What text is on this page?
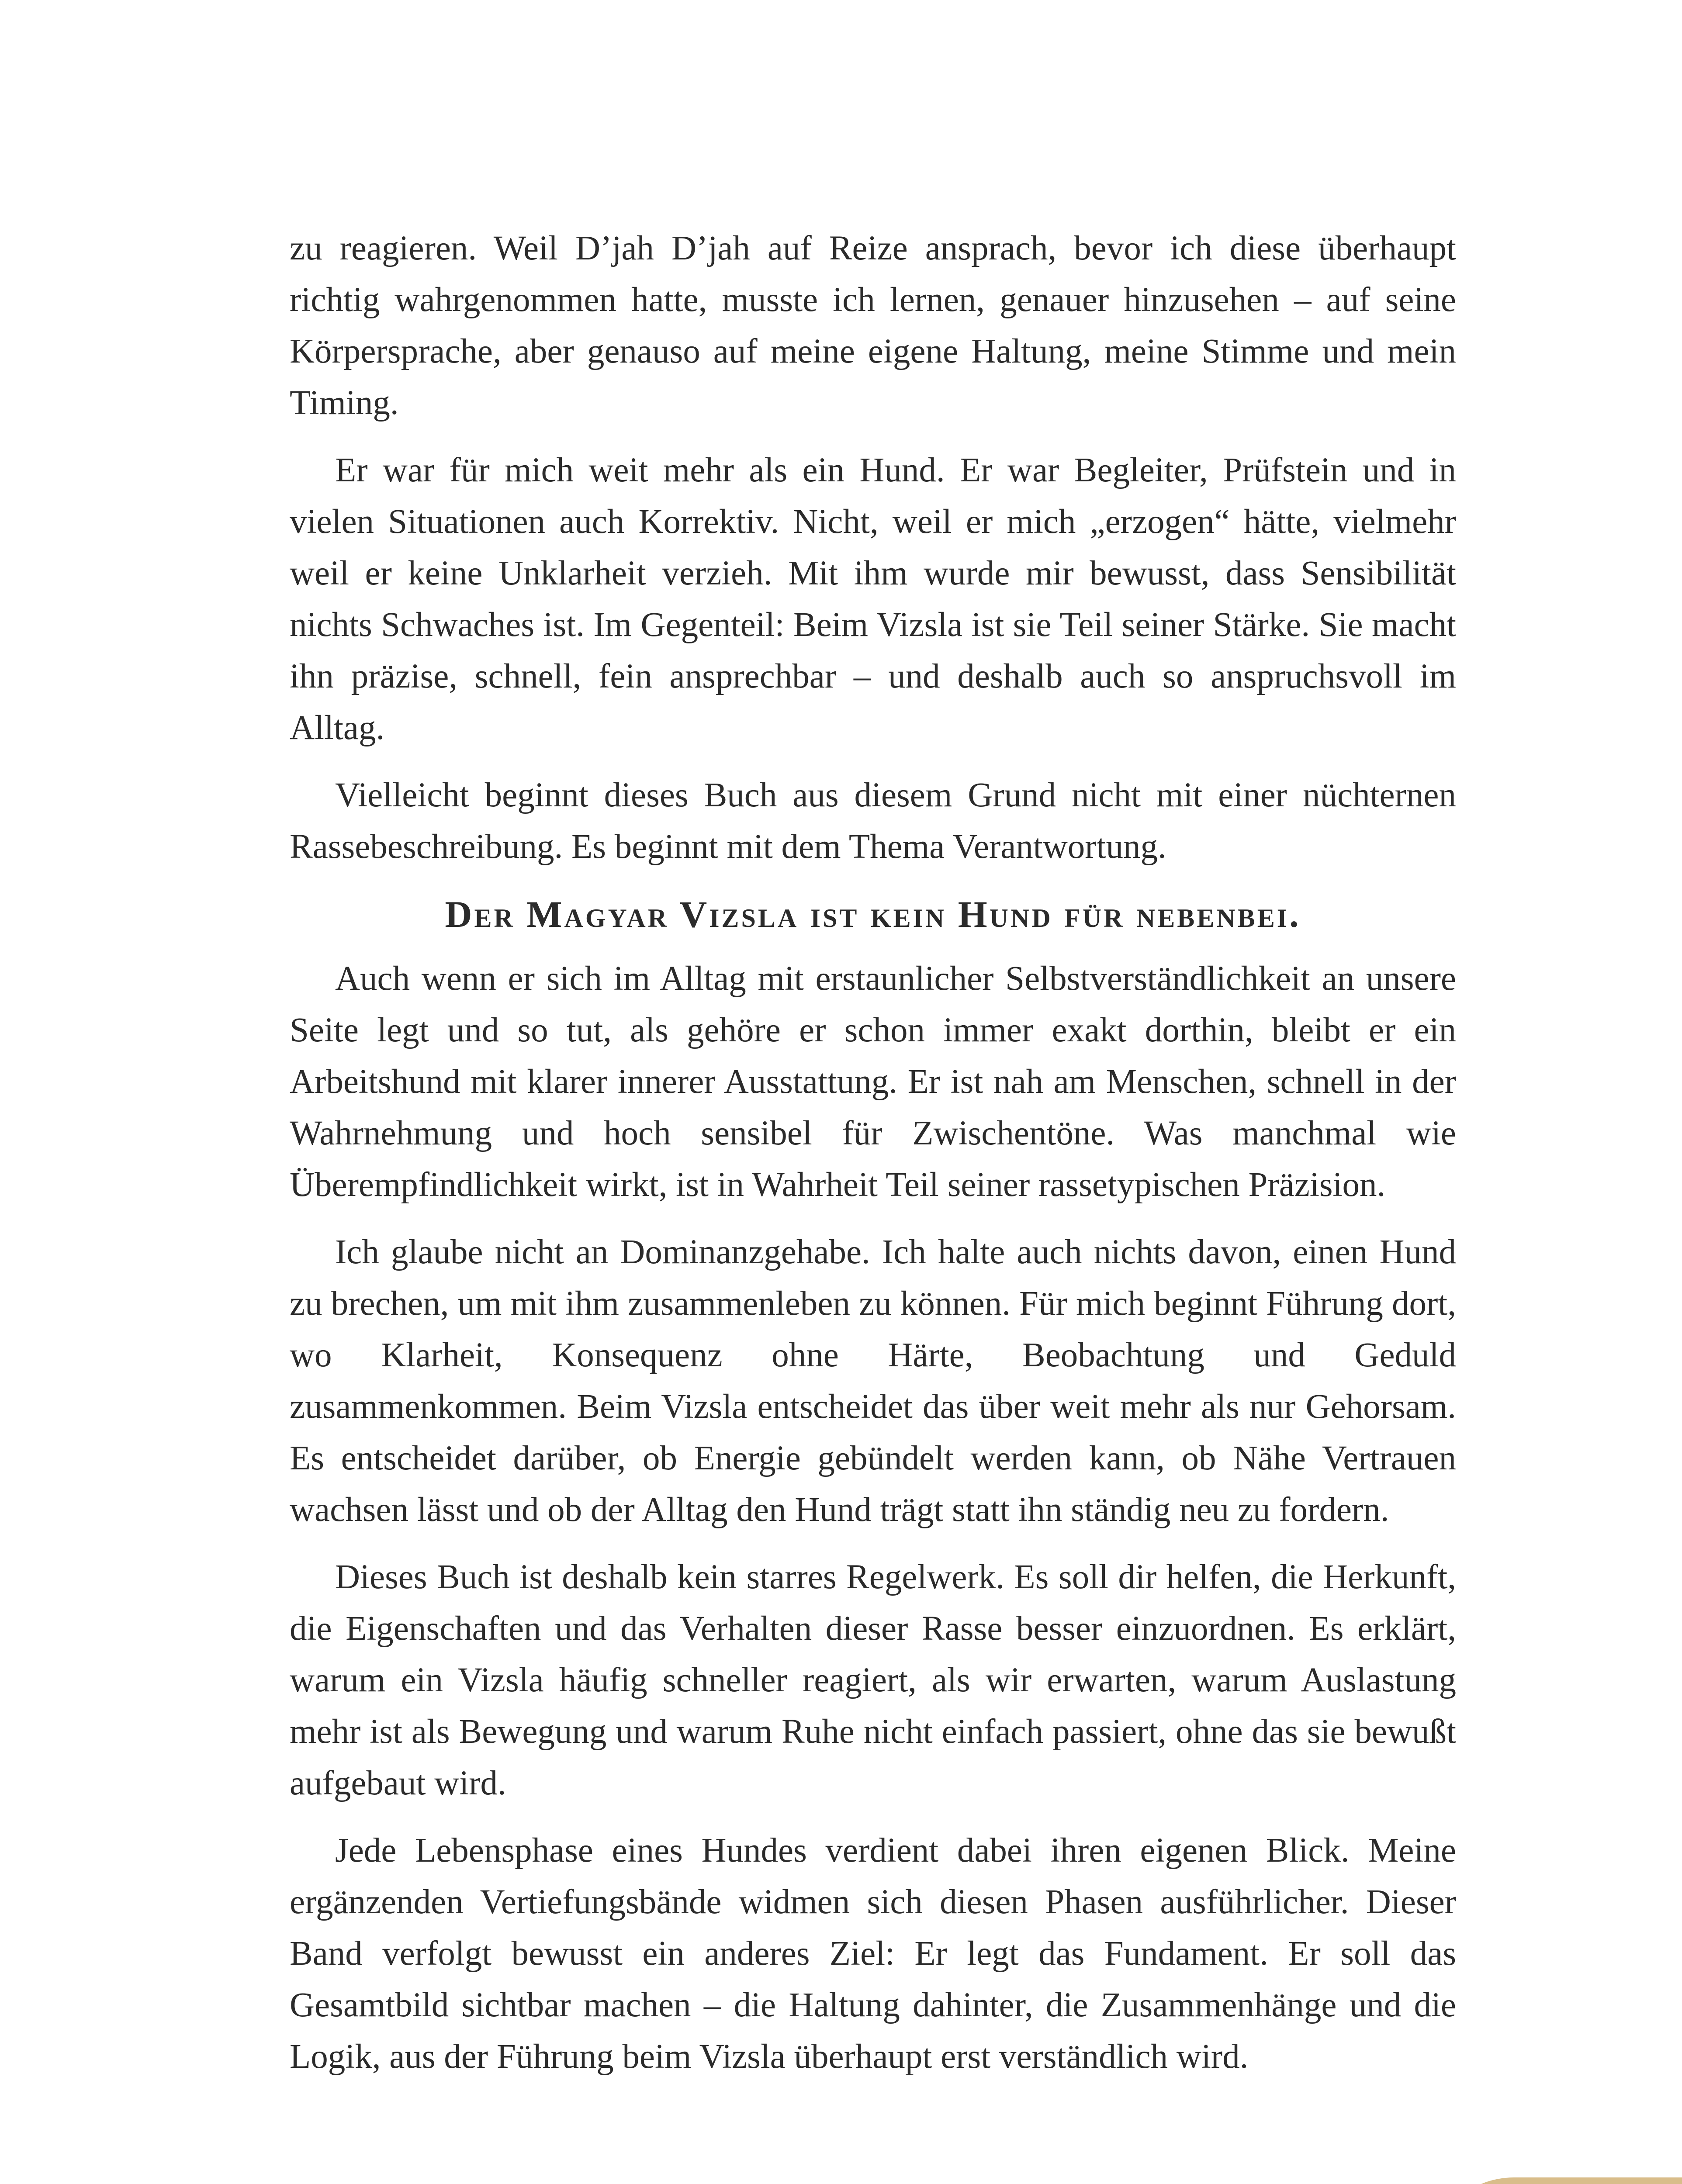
zu reagieren. Weil D’jah D’jah auf Reize ansprach, bevor ich diese überhaupt richtig wahrgenommen hatte, musste ich lernen, genauer hinzusehen – auf seine Körpersprache, aber genauso auf meine eigene Haltung, meine Stimme und mein Timing.

Er war für mich weit mehr als ein Hund. Er war Begleiter, Prüfstein und in vielen Situationen auch Korrektiv. Nicht, weil er mich „erzogen“ hätte, vielmehr weil er keine Unklarheit verzieh. Mit ihm wurde mir bewusst, dass Sensibilität nichts Schwaches ist. Im Gegenteil: Beim Vizsla ist sie Teil seiner Stärke. Sie macht ihn präzise, schnell, fein ansprechbar – und deshalb auch so anspruchsvoll im Alltag.

Vielleicht beginnt dieses Buch aus diesem Grund nicht mit einer nüchternen Rassebeschreibung. Es beginnt mit dem Thema Verantwortung.

Der Magyar Vizsla ist kein Hund für nebenbei.

Auch wenn er sich im Alltag mit erstaunlicher Selbstverständlichkeit an unsere Seite legt und so tut, als gehöre er schon immer exakt dorthin, bleibt er ein Arbeitshund mit klarer innerer Ausstattung. Er ist nah am Menschen, schnell in der Wahrnehmung und hoch sensibel für Zwischentöne. Was manchmal wie Überempfindlichkeit wirkt, ist in Wahrheit Teil seiner rassetypischen Präzision.

Ich glaube nicht an Dominanzgehabe. Ich halte auch nichts davon, einen Hund zu brechen, um mit ihm zusammenleben zu können. Für mich beginnt Führung dort, wo Klarheit, Konsequenz ohne Härte, Beobachtung und Geduld zusammenkommen. Beim Vizsla entscheidet das über weit mehr als nur Gehorsam. Es entscheidet darüber, ob Energie gebündelt werden kann, ob Nähe Vertrauen wachsen lässt und ob der Alltag den Hund trägt statt ihn ständig neu zu fordern.

Dieses Buch ist deshalb kein starres Regelwerk. Es soll dir helfen, die Herkunft, die Eigenschaften und das Verhalten dieser Rasse besser einzuordnen. Es erklärt, warum ein Vizsla häufig schneller reagiert, als wir erwarten, warum Auslastung mehr ist als Bewegung und warum Ruhe nicht einfach passiert, ohne das sie bewußt aufgebaut wird.

Jede Lebensphase eines Hundes verdient dabei ihren eigenen Blick. Meine ergänzenden Vertiefungsbände widmen sich diesen Phasen ausführlicher. Dieser Band verfolgt bewusst ein anderes Ziel: Er legt das Fundament. Er soll das Gesamtbild sichtbar machen – die Haltung dahinter, die Zusammenhänge und die Logik, aus der Führung beim Vizsla überhaupt erst verständlich wird.
